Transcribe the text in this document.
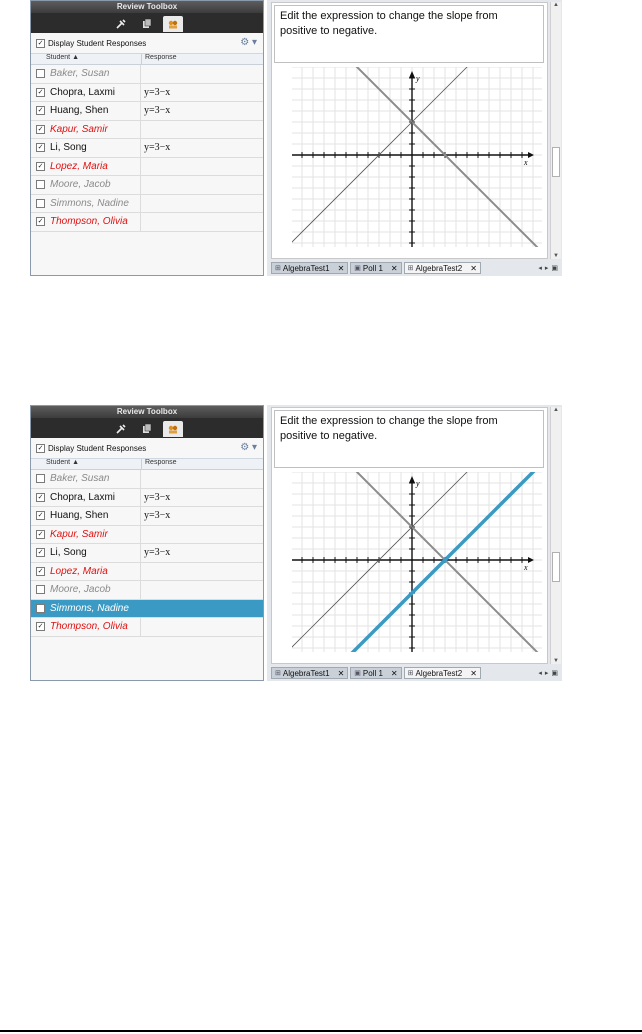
Review Toolbox
✓ Display Student Responses	⚙ ▾
Student ▲	Response
Baker, Susan
✓ Chopra, Laxmi	y=3−x
✓ Huang, Shen	y=3−x
✓ Kapur, Samir
✓ Li, Song	y=3−x
✓ Lopez, Maria
Moore, Jacob
Simmons, Nadine
✓ Thompson, Olivia
Edit the expression to change the slope from positive to negative.
x
y
▲
▼
⊞ AlgebraTest1 ✕ ▣ Poll 1 ✕ ⊞ AlgebraTest2 ✕	◂▸▣
Review Toolbox
✓ Display Student Responses	⚙ ▾
Student ▲	Response
Baker, Susan
✓ Chopra, Laxmi	y=3−x
✓ Huang, Shen	y=3−x
✓ Kapur, Samir
✓ Li, Song	y=3−x
✓ Lopez, Maria
Moore, Jacob
Simmons, Nadine
✓ Thompson, Olivia
Edit the expression to change the slope from positive to negative.
x
y
▲
▼
⊞ AlgebraTest1 ✕ ▣ Poll 1 ✕ ⊞ AlgebraTest2 ✕	◂▸▣
